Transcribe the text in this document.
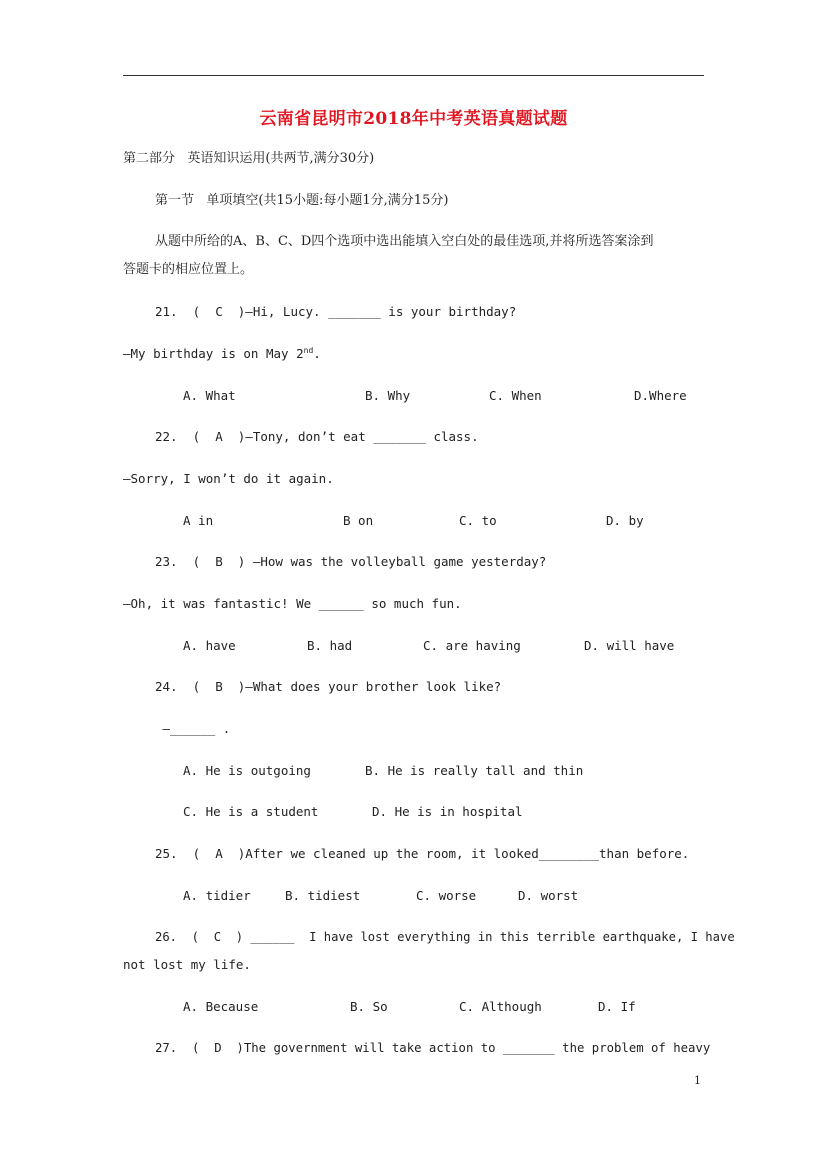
云南省昆明市2018年中考英语真题试题
第二部分   英语知识运用(共两节,满分30分)
第一节   单项填空(共15小题:每小题1分,满分15分)
从题中所给的A、B、C、D四个选项中选出能填入空白处的最佳选项,并将所选答案涂到
答题卡的相应位置上。
21.  (  C  )—Hi, Lucy. _______ is your birthday?
—My birthday is on May 2nd.
A. What	B. Why	C. When	D.Where
22.  (  A  )—Tony, don’t eat _______ class.
—Sorry, I won’t do it again.
A in	B on	C. to	D. by
23.  (  B  ) —How was the volleyball game yesterday?
—Oh, it was fantastic! We ______ so much fun.
A. have	B. had	C. are having	D. will have
24.  (  B  )—What does your brother look like?
—______ .
A. He is outgoing	B. He is really tall and thin
C. He is a student	D. He is in hospital
25.  (  A  )After we cleaned up the room, it looked________than before.
A. tidier	B. tidiest	C. worse	D. worst
26.  (  C  ) ______  I have lost everything in this terrible earthquake, I have
not lost my life.
A. Because	B. So	C. Although	D. If
27.  (  D  )The government will take action to _______ the problem of heavy
1
